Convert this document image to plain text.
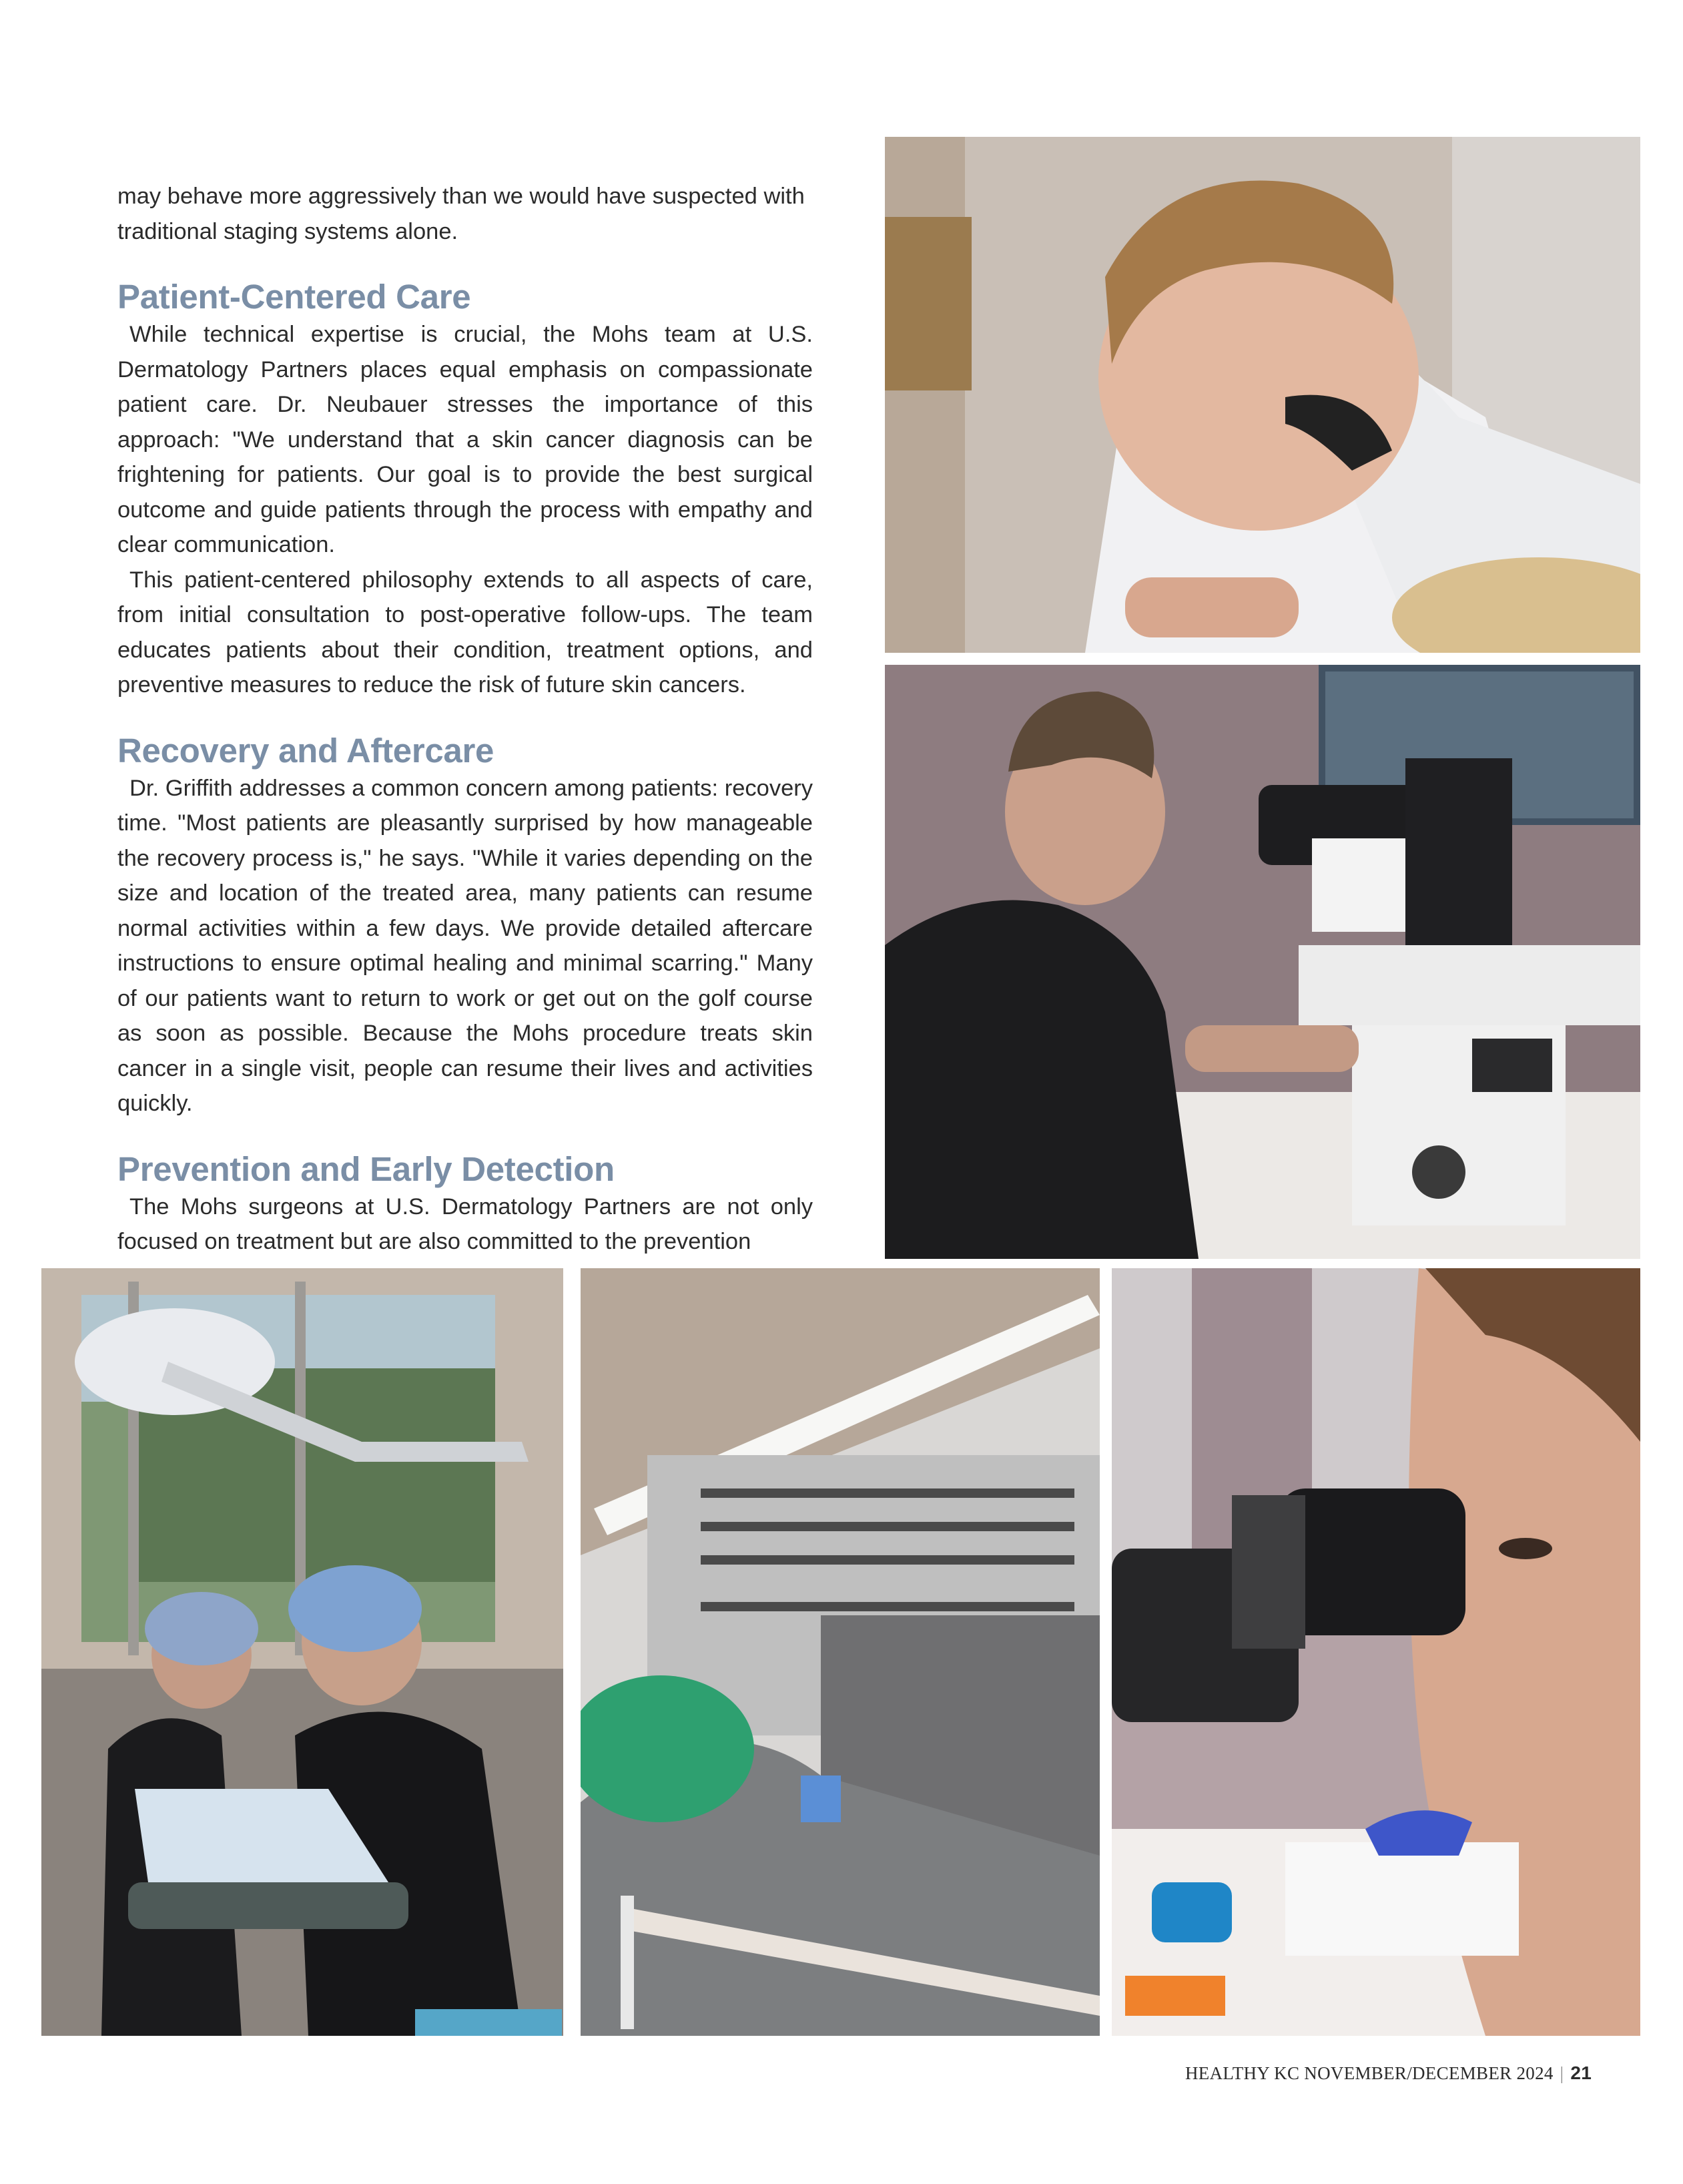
may behave more aggressively than we would have suspected with traditional staging systems alone.

Patient-Centered Care

While technical expertise is crucial, the Mohs team at U.S. Dermatology Partners places equal emphasis on compassionate patient care. Dr. Neubauer stresses the importance of this approach: "We understand that a skin cancer diagnosis can be frightening for patients. Our goal is to provide the best surgical outcome and guide patients through the process with empathy and clear communication.

This patient-centered philosophy extends to all aspects of care, from initial consultation to post-operative follow-ups. The team educates patients about their condition, treatment options, and preventive measures to reduce the risk of future skin cancers.

Recovery and Aftercare

Dr. Griffith addresses a common concern among patients: recovery time. "Most patients are pleasantly surprised by how manageable the recovery process is," he says. "While it varies depending on the size and location of the treated area, many patients can resume normal activities within a few days. We provide detailed aftercare instructions to ensure optimal healing and minimal scarring." Many of our patients want to return to work or get out on the golf course as soon as possible. Because the Mohs procedure treats skin cancer in a single visit, people can resume their lives and activities quickly.

Prevention and Early Detection

The Mohs surgeons at U.S. Dermatology Partners are not only focused on treatment but are also committed to the prevention

HEALTHY KC NOVEMBER/DECEMBER 2024 | 21
